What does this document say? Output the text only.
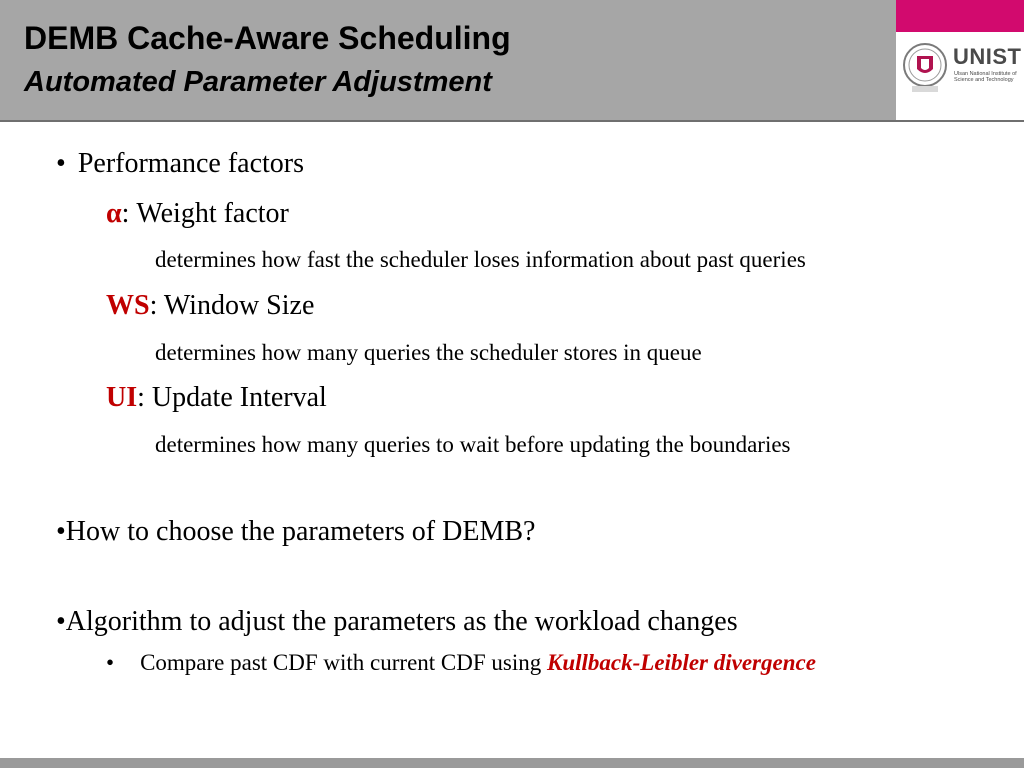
DEMB Cache-Aware Scheduling
Automated Parameter Adjustment
UNIST
Ulsan National Institute of Science and Technology
• Performance factors
α: Weight factor
determines how fast the scheduler loses information about past queries
WS: Window Size
determines how many queries the scheduler stores in queue
UI: Update Interval
determines how many queries to wait before updating the boundaries
•How to choose the parameters of DEMB?
•Algorithm to adjust the parameters as the workload changes
• Compare past CDF with current CDF using Kullback-Leibler divergence
